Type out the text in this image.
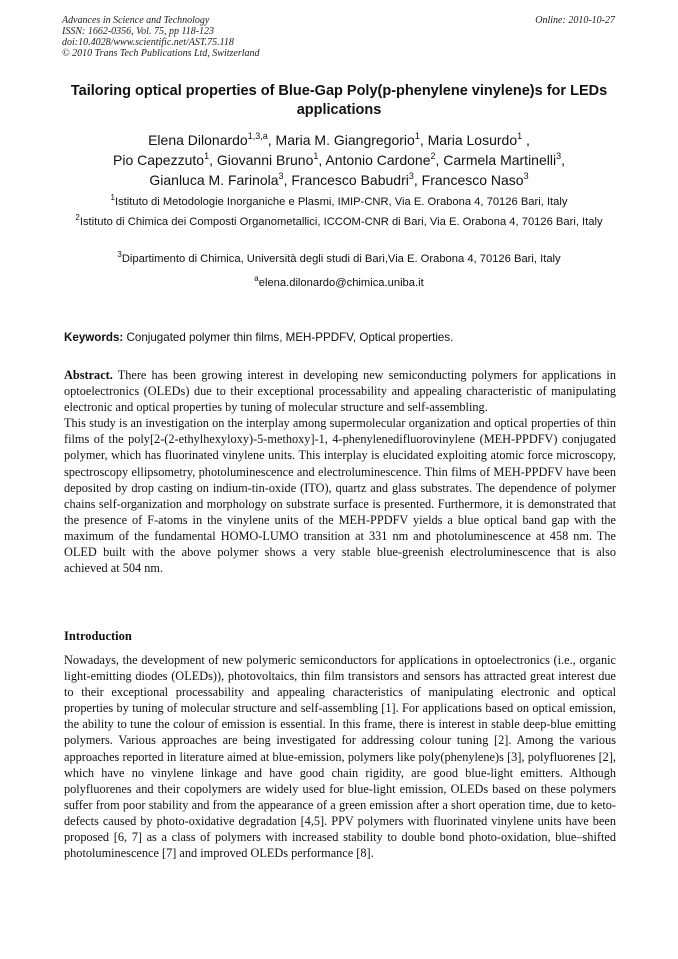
Advances in Science and Technology
ISSN: 1662-0356, Vol. 75, pp 118-123
doi:10.4028/www.scientific.net/AST.75.118
© 2010 Trans Tech Publications Ltd, Switzerland
Online: 2010-10-27
Tailoring optical properties of Blue-Gap Poly(p-phenylene vinylene)s for LEDs applications
Elena Dilonardo$^{1,3,a}$, Maria M. Giangregorio$^1$, Maria Losurdo$^1$ ,
Pio Capezzuto$^1$, Giovanni Bruno$^1$, Antonio Cardone$^2$, Carmela Martinelli$^3$,
Gianluca M. Farinola$^3$, Francesco Babudri$^3$, Francesco Naso$^3$
$^1$Istituto di Metodologie Inorganiche e Plasmi, IMIP-CNR, Via E. Orabona 4, 70126 Bari, Italy
$^2$Istituto di Chimica dei Composti Organometallici, ICCOM-CNR di Bari, Via E. Orabona 4, 70126 Bari, Italy
$^3$Dipartimento di Chimica, Università degli studi di Bari,Via E. Orabona 4, 70126 Bari, Italy
$^a$elena.dilonardo@chimica.uniba.it
Keywords: Conjugated polymer thin films, MEH-PPDFV, Optical properties.
Abstract. There has been growing interest in developing new semiconducting polymers for applications in optoelectronics (OLEDs) due to their exceptional processability and appealing characteristic of manipulating electronic and optical properties by tuning of molecular structure and self-assembling.
This study is an investigation on the interplay among supermolecular organization and optical properties of thin films of the poly[2-(2-ethylhexyloxy)-5-methoxy]-1, 4-phenylenedifluorovinylene (MEH-PPDFV) conjugated polymer, which has fluorinated vinylene units. This interplay is elucidated exploiting atomic force microscopy, spectroscopy ellipsometry, photoluminescence and electroluminescence. Thin films of MEH-PPDFV have been deposited by drop casting on indium-tin-oxide (ITO), quartz and glass substrates. The dependence of polymer chains self-organization and morphology on substrate surface is presented. Furthermore, it is demonstrated that the presence of F-atoms in the vinylene units of the MEH-PPDFV yields a blue optical band gap with the maximum of the fundamental HOMO-LUMO transition at 331 nm and photoluminescence at 458 nm. The OLED built with the above polymer shows a very stable blue-greenish electroluminescence that is also achieved at 504 nm.
Introduction
Nowadays, the development of new polymeric semiconductors for applications in optoelectronics (i.e., organic light-emitting diodes (OLEDs)), photovoltaics, thin film transistors and sensors has attracted great interest due to their exceptional processability and appealing characteristics of manipulating electronic and optical properties by tuning of molecular structure and self-assembling [1]. For applications based on optical emission, the ability to tune the colour of emission is essential. In this frame, there is interest in stable deep-blue emitting polymers. Various approaches are being investigated for addressing colour tuning [2]. Among the various approaches reported in literature aimed at blue-emission, polymers like poly(phenylene)s [3], polyfluorenes [2], which have no vinylene linkage and have good chain rigidity, are good blue-light emitters. Although polyfluorenes and their copolymers are widely used for blue-light emission, OLEDs based on these polymers suffer from poor stability and from the appearance of a green emission after a short operation time, due to keto-defects caused by photo-oxidative degradation [4,5]. PPV polymers with fluorinated vinylene units have been proposed [6, 7] as a class of polymers with increased stability to double bond photo-oxidation, blue–shifted photoluminescence [7] and improved OLEDs performance [8].
